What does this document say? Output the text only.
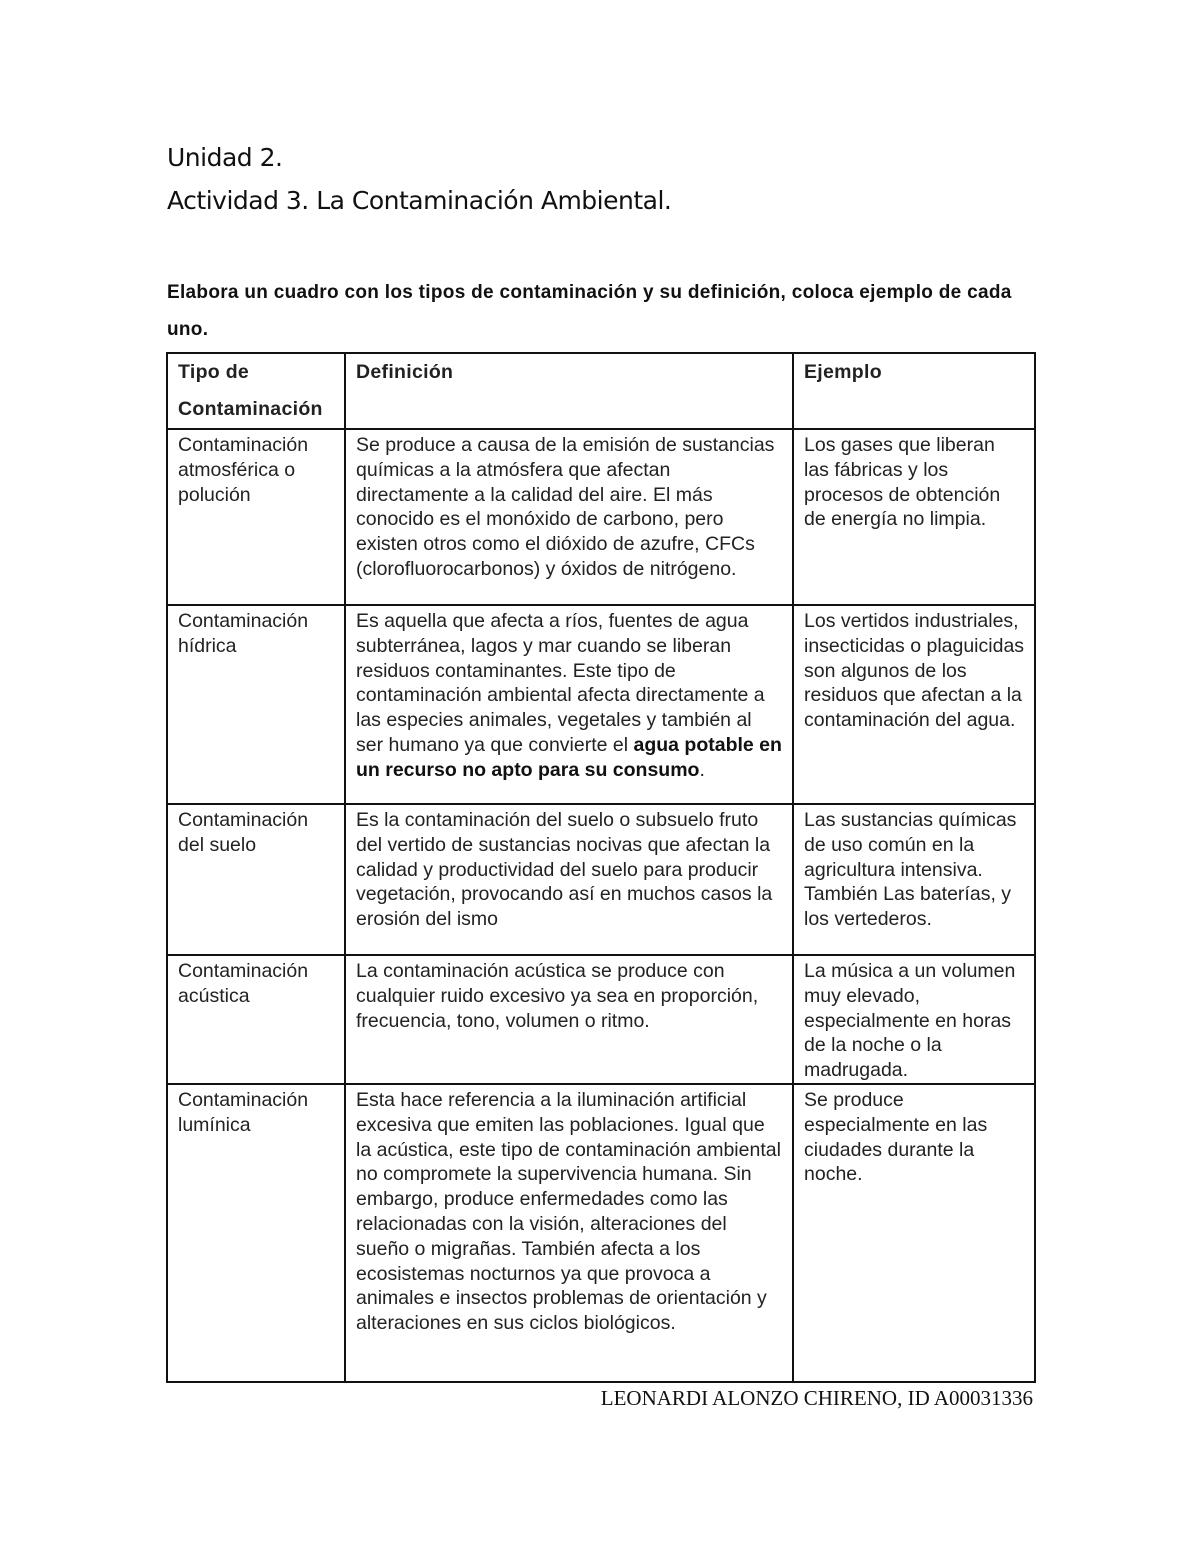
Unidad 2.
Actividad 3. La Contaminación Ambiental.

Elabora un cuadro con los tipos de contaminación y su definición, coloca ejemplo de cada uno.

Tipo de Contaminación	Definición	Ejemplo
Contaminación atmosférica o polución	Se produce a causa de la emisión de sustancias químicas a la atmósfera que afectan directamente a la calidad del aire. El más conocido es el monóxido de carbono, pero existen otros como el dióxido de azufre, CFCs (clorofluorocarbonos) y óxidos de nitrógeno.	Los gases que liberan las fábricas y los procesos de obtención de energía no limpia.
Contaminación hídrica	Es aquella que afecta a ríos, fuentes de agua subterránea, lagos y mar cuando se liberan residuos contaminantes. Este tipo de contaminación ambiental afecta directamente a las especies animales, vegetales y también al ser humano ya que convierte el agua potable en un recurso no apto para su consumo.	Los vertidos industriales, insecticidas o plaguicidas son algunos de los residuos que afectan a la contaminación del agua.
Contaminación del suelo	Es la contaminación del suelo o subsuelo fruto del vertido de sustancias nocivas que afectan la calidad y productividad del suelo para producir vegetación, provocando así en muchos casos la erosión del ismo	Las sustancias químicas de uso común en la agricultura intensiva. También Las baterías, y los vertederos.
Contaminación acústica	La contaminación acústica se produce con cualquier ruido excesivo ya sea en proporción, frecuencia, tono, volumen o ritmo.	La música a un volumen muy elevado, especialmente en horas de la noche o la madrugada.
Contaminación lumínica	Esta hace referencia a la iluminación artificial excesiva que emiten las poblaciones. Igual que la acústica, este tipo de contaminación ambiental no compromete la supervivencia humana. Sin embargo, produce enfermedades como las relacionadas con la visión, alteraciones del sueño o migrañas. También afecta a los ecosistemas nocturnos ya que provoca a animales e insectos problemas de orientación y alteraciones en sus ciclos biológicos.	Se produce especialmente en las ciudades durante la noche.

LEONARDI ALONZO CHIRENO, ID A00031336
